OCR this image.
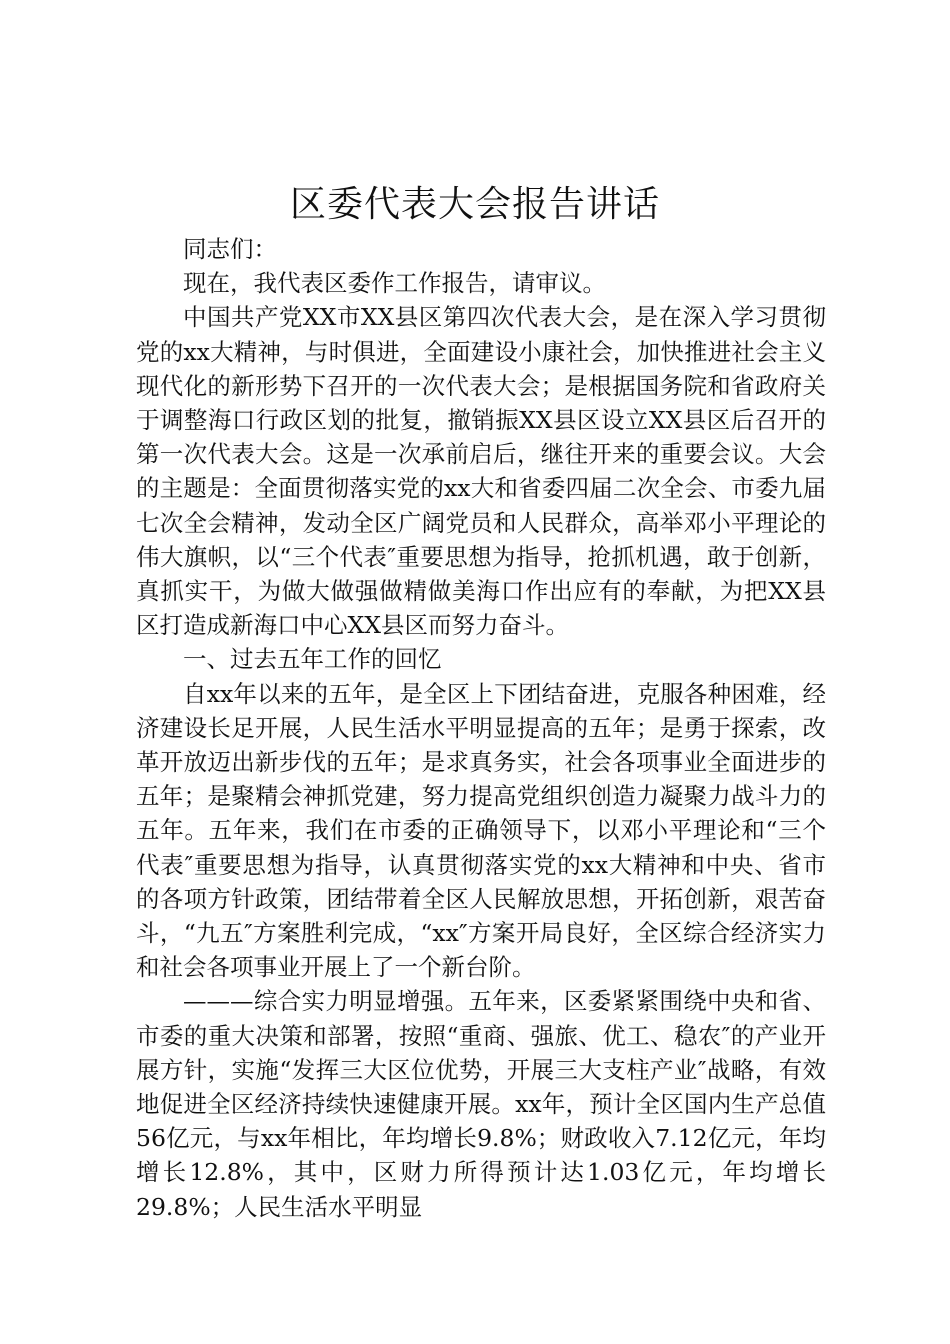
区委代表大会报告讲话

同志们：

现在，我代表区委作工作报告，请审议。

中国共产党XX市XX县区第四次代表大会，是在深入学习贯彻党的xx大精神，与时俱进，全面建设小康社会，加快推进社会主义现代化的新形势下召开的一次代表大会；是根据国务院和省政府关于调整海口行政区划的批复，撤销振XX县区设立XX县区后召开的第一次代表大会。这是一次承前启后，继往开来的重要会议。大会的主题是：全面贯彻落实党的xx大和省委四届二次全会、市委九届七次全会精神，发动全区广阔党员和人民群众，高举邓小平理论的伟大旗帜，以“三个代表″重要思想为指导，抢抓机遇，敢于创新，真抓实干，为做大做强做精做美海口作出应有的奉献，为把XX县区打造成新海口中心XX县区而努力奋斗。

一、过去五年工作的回忆

自xx年以来的五年，是全区上下团结奋进，克服各种困难，经济建设长足开展，人民生活水平明显提高的五年；是勇于探索，改革开放迈出新步伐的五年；是求真务实，社会各项事业全面进步的五年；是聚精会神抓党建，努力提高党组织创造力凝聚力战斗力的五年。五年来，我们在市委的正确领导下，以邓小平理论和“三个代表″重要思想为指导，认真贯彻落实党的xx大精神和中央、省市的各项方针政策，团结带着全区人民解放思想，开拓创新，艰苦奋斗，“九五″方案胜利完成，“xx″方案开局良好，全区综合经济实力和社会各项事业开展上了一个新台阶。

———综合实力明显增强。五年来，区委紧紧围绕中央和省、市委的重大决策和部署，按照“重商、强旅、优工、稳农″的产业开展方针，实施“发挥三大区位优势，开展三大支柱产业″战略，有效地促进全区经济持续快速健康开展。xx年，预计全区国内生产总值56亿元，与xx年相比，年均增长9.8%；财政收入7.12亿元，年均增长12.8%，其中，区财力所得预计达1.03亿元，年均增长29.8%；人民生活水平明显
